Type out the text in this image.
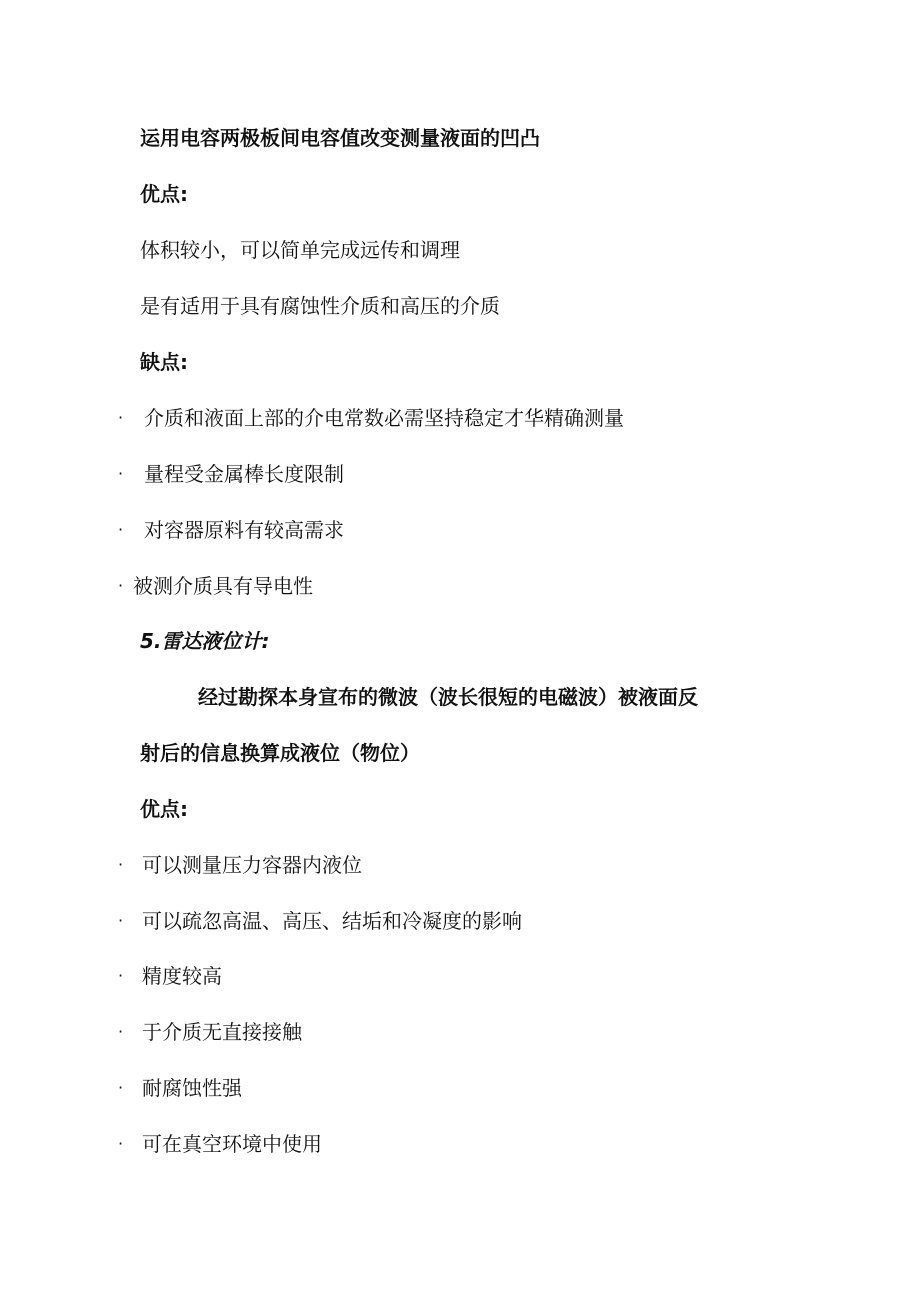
运用电容两极板间电容值改变测量液面的凹凸
优点:
体积较小，可以简单完成远传和调理
是有适用于具有腐蚀性介质和高压的介质
缺点:
· 介质和液面上部的介电常数必需坚持稳定才华精确测量
· 量程受金属棒长度限制
· 对容器原料有较高需求
· 被测介质具有导电性
5.雷达液位计:
经过勘探本身宣布的微波（波长很短的电磁波）被液面反
射后的信息换算成液位（物位）
优点:
· 可以测量压力容器内液位
· 可以疏忽高温、高压、结垢和冷凝度的影响
· 精度较高
· 于介质无直接接触
· 耐腐蚀性强
· 可在真空环境中使用
